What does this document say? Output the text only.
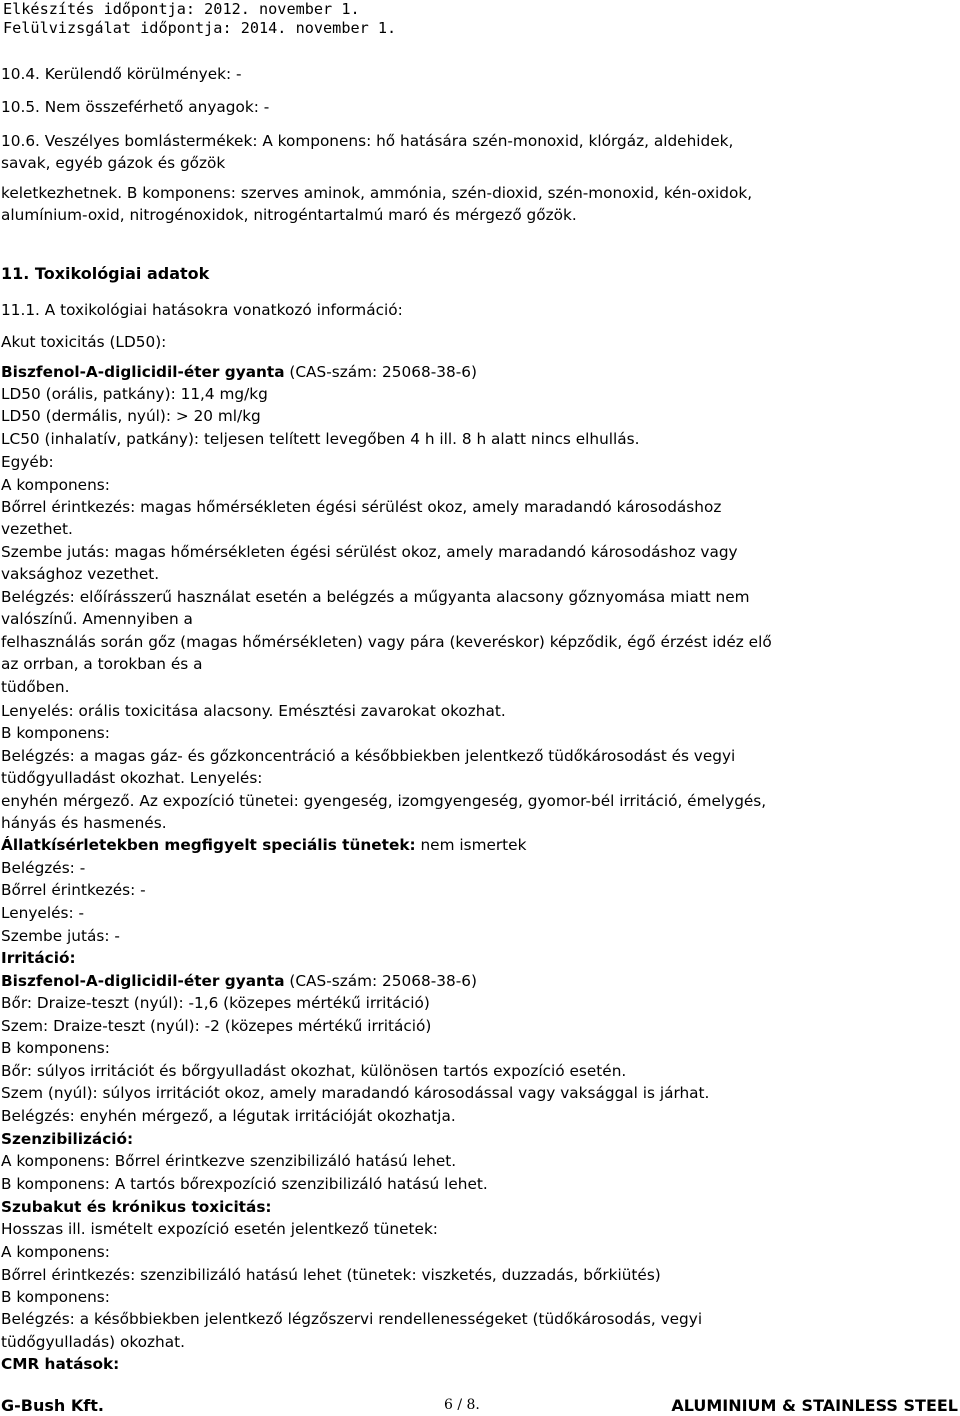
Elkészítés időpontja: 2012. november 1.
Felülvizsgálat időpontja: 2014. november 1.

10.4. Kerülendő körülmények: -

10.5. Nem összeférhető anyagok: -

10.6. Veszélyes bomlástermékek: A komponens: hő hatására szén-monoxid, klórgáz, aldehidek,

savak, egyéb gázok és gőzök

keletkezhetnek. B komponens: szerves aminok, ammónia, szén-dioxid, szén-monoxid, kén-oxidok,

alumínium-oxid, nitrogénoxidok, nitrogéntartalmú maró és mérgező gőzök.

11. Toxikológiai adatok

11.1. A toxikológiai hatásokra vonatkozó információ:

Akut toxicitás (LD50):

Biszfenol-A-diglicidil-éter gyanta (CAS-szám: 25068-38-6)

LD50 (orális, patkány): 11,4 mg/kg

LD50 (dermális, nyúl): > 20 ml/kg

LC50 (inhalatív, patkány): teljesen telített levegőben 4 h ill. 8 h alatt nincs elhullás.

Egyéb:

A komponens:

Bőrrel érintkezés: magas hőmérsékleten égési sérülést okoz, amely maradandó károsodáshoz

vezethet.

Szembe jutás: magas hőmérsékleten égési sérülést okoz, amely maradandó károsodáshoz vagy

vaksághoz vezethet.

Belégzés: előírásszerű használat esetén a belégzés a műgyanta alacsony gőznyomása miatt nem

valószínű. Amennyiben a

felhasználás során gőz (magas hőmérsékleten) vagy pára (keveréskor) képződik, égő érzést idéz elő

az orrban, a torokban és a

tüdőben.

Lenyelés: orális toxicitása alacsony. Emésztési zavarokat okozhat.

B komponens:

Belégzés: a magas gáz- és gőzkoncentráció a későbbiekben jelentkező tüdőkárosodást és vegyi

tüdőgyulladást okozhat. Lenyelés:

enyhén mérgező. Az expozíció tünetei: gyengeség, izomgyengeség, gyomor-bél irritáció, émelygés,

hányás és hasmenés.

Állatkísérletekben megfigyelt speciális tünetek: nem ismertek

Belégzés: -

Bőrrel érintkezés: -

Lenyelés: -

Szembe jutás: -

Irritáció:

Biszfenol-A-diglicidil-éter gyanta (CAS-szám: 25068-38-6)

Bőr: Draize-teszt (nyúl): -1,6 (közepes mértékű irritáció)

Szem: Draize-teszt (nyúl): -2 (közepes mértékű irritáció)

B komponens:

Bőr: súlyos irritációt és bőrgyulladást okozhat, különösen tartós expozíció esetén.

Szem (nyúl): súlyos irritációt okoz, amely maradandó károsodással vagy vaksággal is járhat.

Belégzés: enyhén mérgező, a légutak irritációját okozhatja.

Szenzibilizáció:

A komponens: Bőrrel érintkezve szenzibilizáló hatású lehet.

B komponens: A tartós bőrexpozíció szenzibilizáló hatású lehet.

Szubakut és krónikus toxicitás:

Hosszas ill. ismételt expozíció esetén jelentkező tünetek:

A komponens:

Bőrrel érintkezés: szenzibilizáló hatású lehet (tünetek: viszketés, duzzadás, bőrkiütés)

B komponens:

Belégzés: a későbbiekben jelentkező légzőszervi rendellenességeket (tüdőkárosodás, vegyi

tüdőgyulladás) okozhat.

CMR hatások:

G-Bush Kft.	6 / 8.	ALUMINIUM & STAINLESS STEEL
